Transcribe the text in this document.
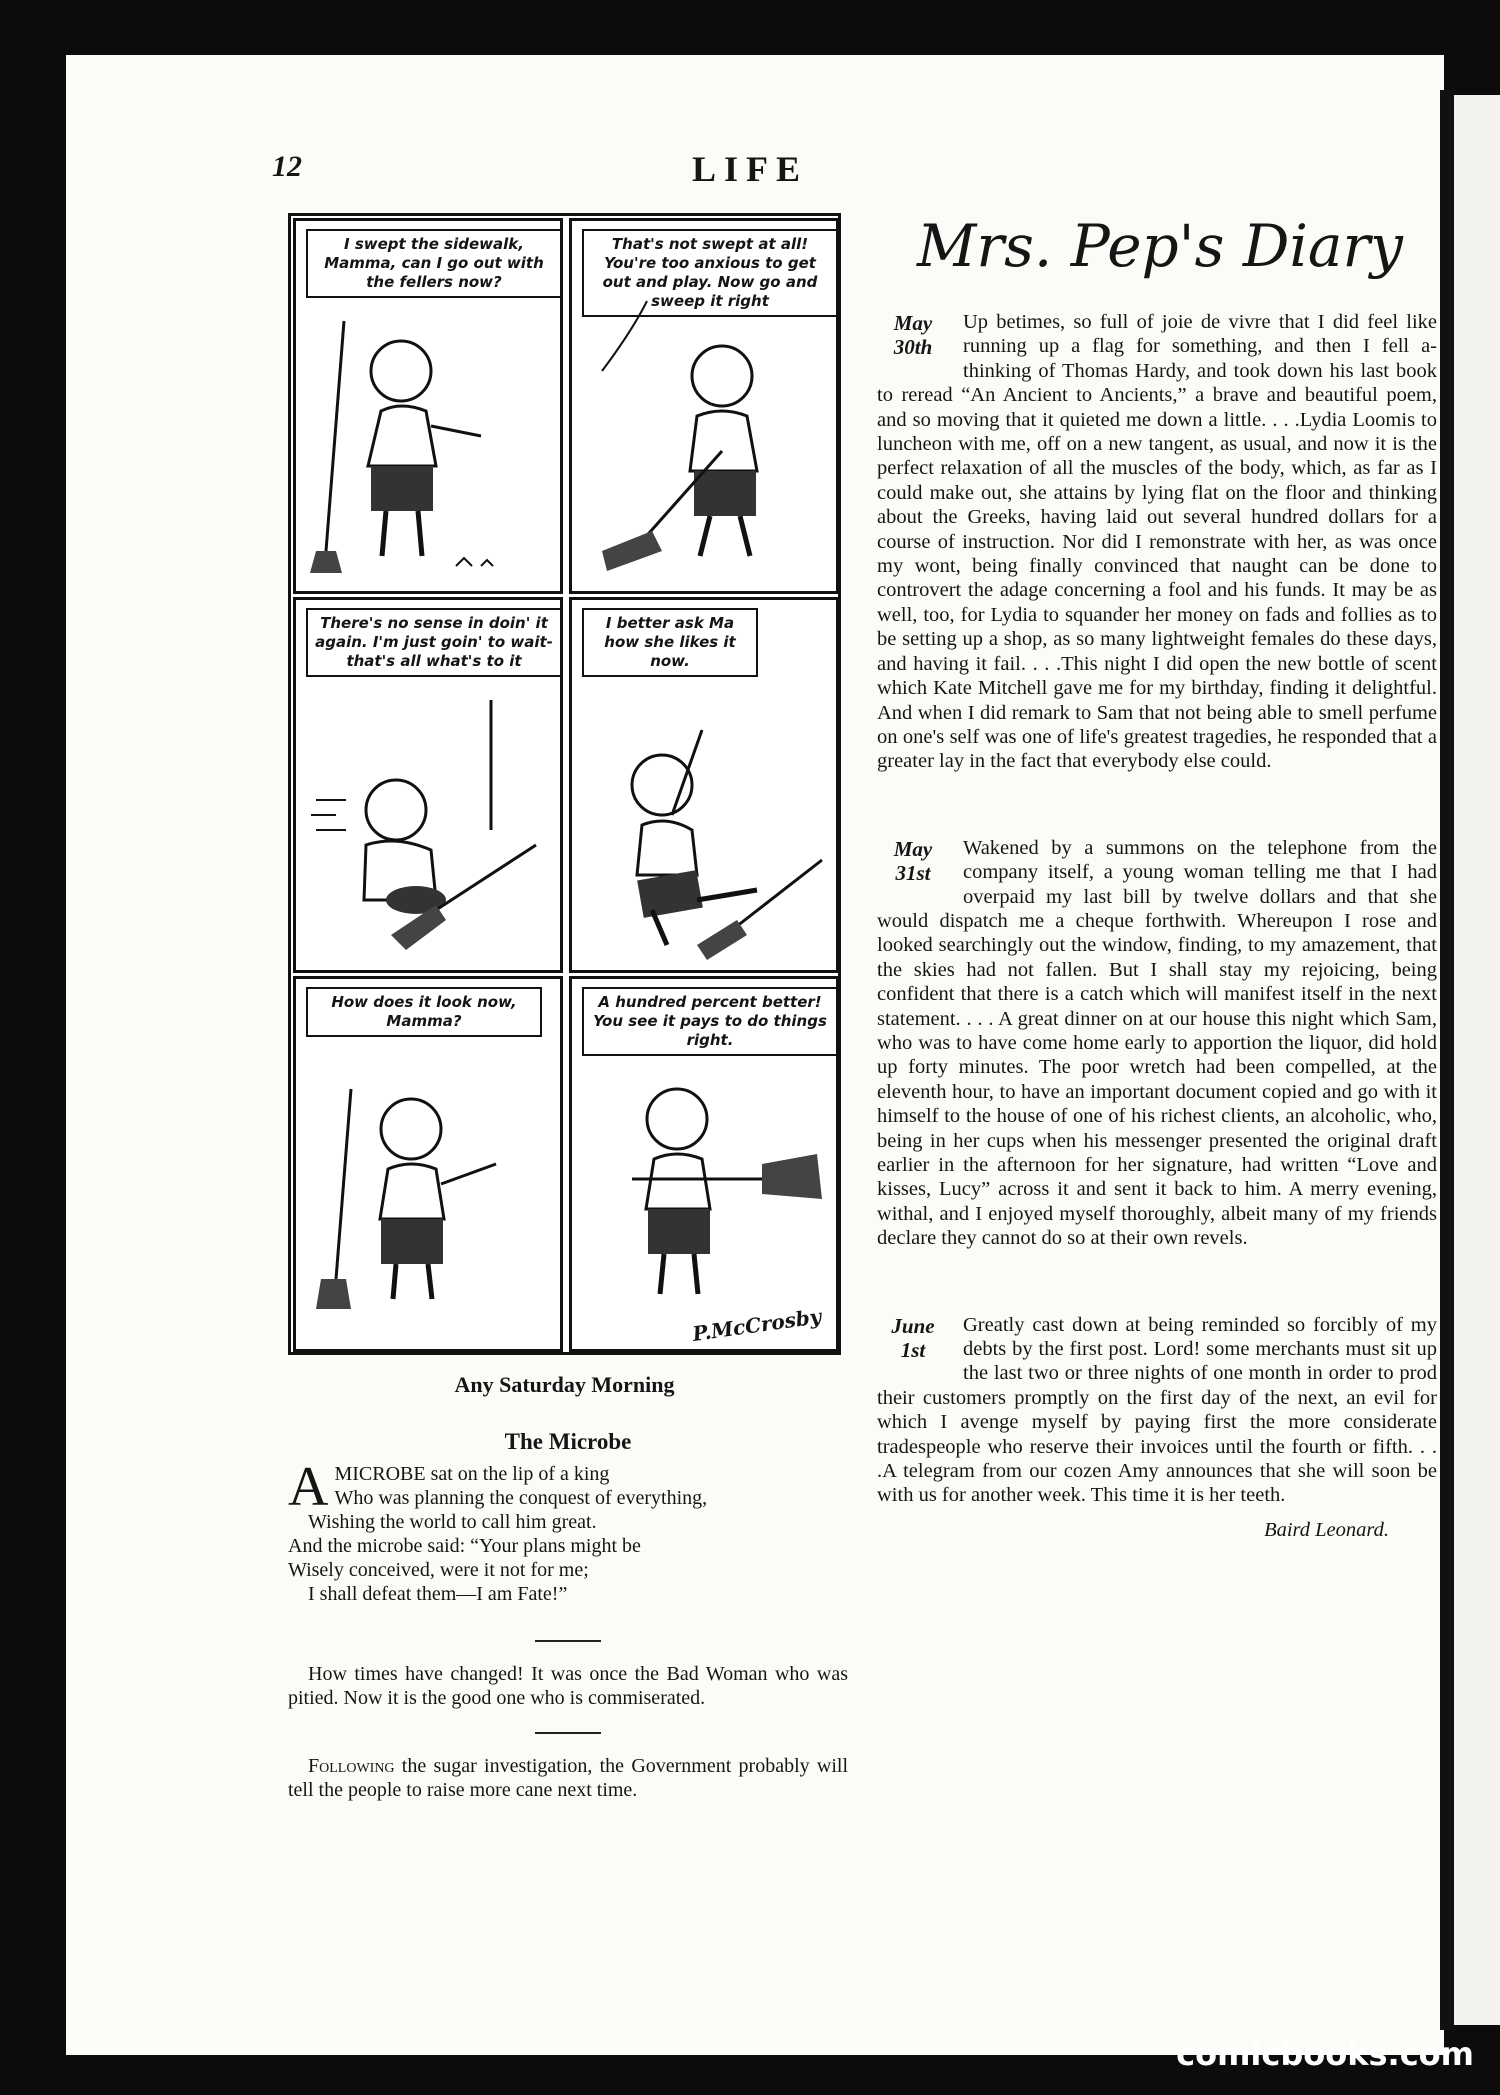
12	LIFE
I swept the sidewalk, Mamma, can I go out with the fellers now?
That's not swept at all! You're too anxious to get out and play. Now go and sweep it right
There's no sense in doin' it again. I'm just goin' to wait-that's all what's to it
I better ask Ma how she likes it now.
How does it look now, Mamma?
A hundred percent better! You see it pays to do things right.
P.McCrosby
Any Saturday Morning
The Microbe
A MICROBE sat on the lip of a king

Who was planning the conquest of everything,

Wishing the world to call him great.

And the microbe said: “Your plans might be

Wisely conceived, were it not for me;

I shall defeat them—I am Fate!”

How times have changed! It was once the Bad Woman who was pitied. Now it is the good one who is commiserated.

Following the sugar investigation, the Government probably will tell the people to raise more cane next time.

Mrs. Pep's Diary
May
30th
Up betimes, so full of joie de vivre that I did feel like running up a flag for something, and then I fell a-thinking of Thomas Hardy, and took down his last book to reread “An Ancient to Ancients,” a brave and beautiful poem, and so moving that it quieted me down a little. . . .Lydia Loomis to luncheon with me, off on a new tangent, as usual, and now it is the perfect relaxation of all the muscles of the body, which, as far as I could make out, she attains by lying flat on the floor and thinking about the Greeks, having laid out several hundred dollars for a course of instruction. Nor did I remonstrate with her, as was once my wont, being finally convinced that naught can be done to controvert the adage concerning a fool and his funds. It may be as well, too, for Lydia to squander her money on fads and follies as to be setting up a shop, as so many lightweight females do these days, and having it fail. . . .This night I did open the new bottle of scent which Kate Mitchell gave me for my birthday, finding it delightful. And when I did remark to Sam that not being able to smell perfume on one's self was one of life's greatest tragedies, he responded that a greater lay in the fact that everybody else could.
May
31st
Wakened by a summons on the telephone from the company itself, a young woman telling me that I had overpaid my last bill by twelve dollars and that she would dispatch me a cheque forthwith. Whereupon I rose and looked searchingly out the window, finding, to my amazement, that the skies had not fallen. But I shall stay my rejoicing, being confident that there is a catch which will manifest itself in the next statement. . . . A great dinner on at our house this night which Sam, who was to have come home early to apportion the liquor, did hold up forty minutes. The poor wretch had been compelled, at the eleventh hour, to have an important document copied and go with it himself to the house of one of his richest clients, an alcoholic, who, being in her cups when his messenger presented the original draft earlier in the afternoon for her signature, had written “Love and kisses, Lucy” across it and sent it back to him. A merry evening, withal, and I enjoyed myself thoroughly, albeit many of my friends declare they cannot do so at their own revels.
June
1st
Greatly cast down at being reminded so forcibly of my debts by the first post. Lord! some merchants must sit up the last two or three nights of one month in order to prod their customers promptly on the first day of the next, an evil for which I avenge myself by paying first the more considerate tradespeople who reserve their invoices until the fourth or fifth. . . .A telegram from our cozen Amy announces that she will soon be with us for another week. This time it is her teeth.
Baird Leonard.
comicbooks.com
